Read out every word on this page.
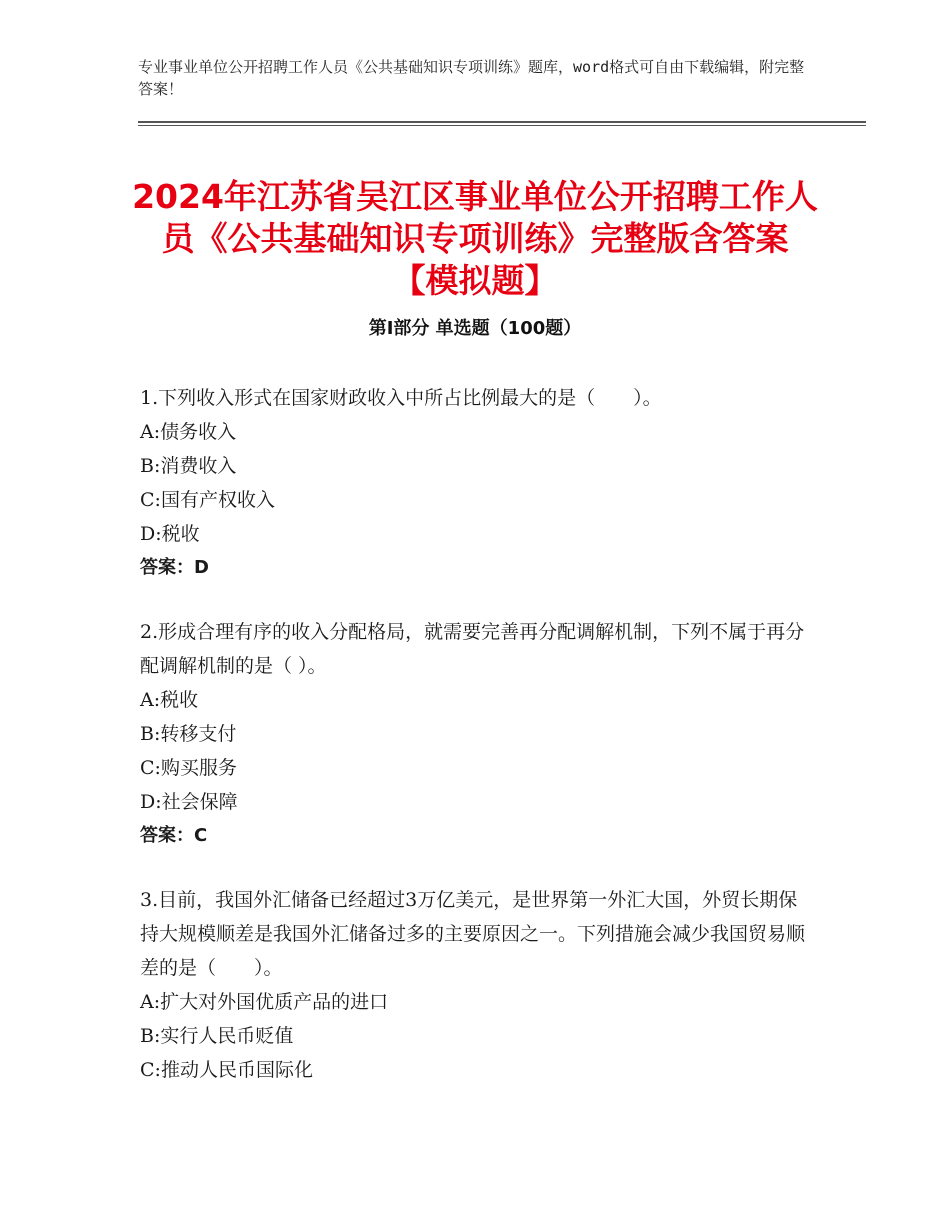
专业事业单位公开招聘工作人员《公共基础知识专项训练》题库，word格式可自由下载编辑，附完整答案！
2024年江苏省吴江区事业单位公开招聘工作人员《公共基础知识专项训练》完整版含答案【模拟题】
第Ⅰ部分 单选题（100题）

1.下列收入形式在国家财政收入中所占比例最大的是（　　）。

A:债务收入

B:消费收入

C:国有产权收入

D:税收

答案：D

2.形成合理有序的收入分配格局，就需要完善再分配调解机制，下列不属于再分配调解机制的是（ ）。

A:税收

B:转移支付

C:购买服务

D:社会保障

答案：C

3.目前，我国外汇储备已经超过3万亿美元，是世界第一外汇大国，外贸长期保持大规模顺差是我国外汇储备过多的主要原因之一。下列措施会减少我国贸易顺差的是（　　）。

A:扩大对外国优质产品的进口

B:实行人民币贬值

C:推动人民币国际化
